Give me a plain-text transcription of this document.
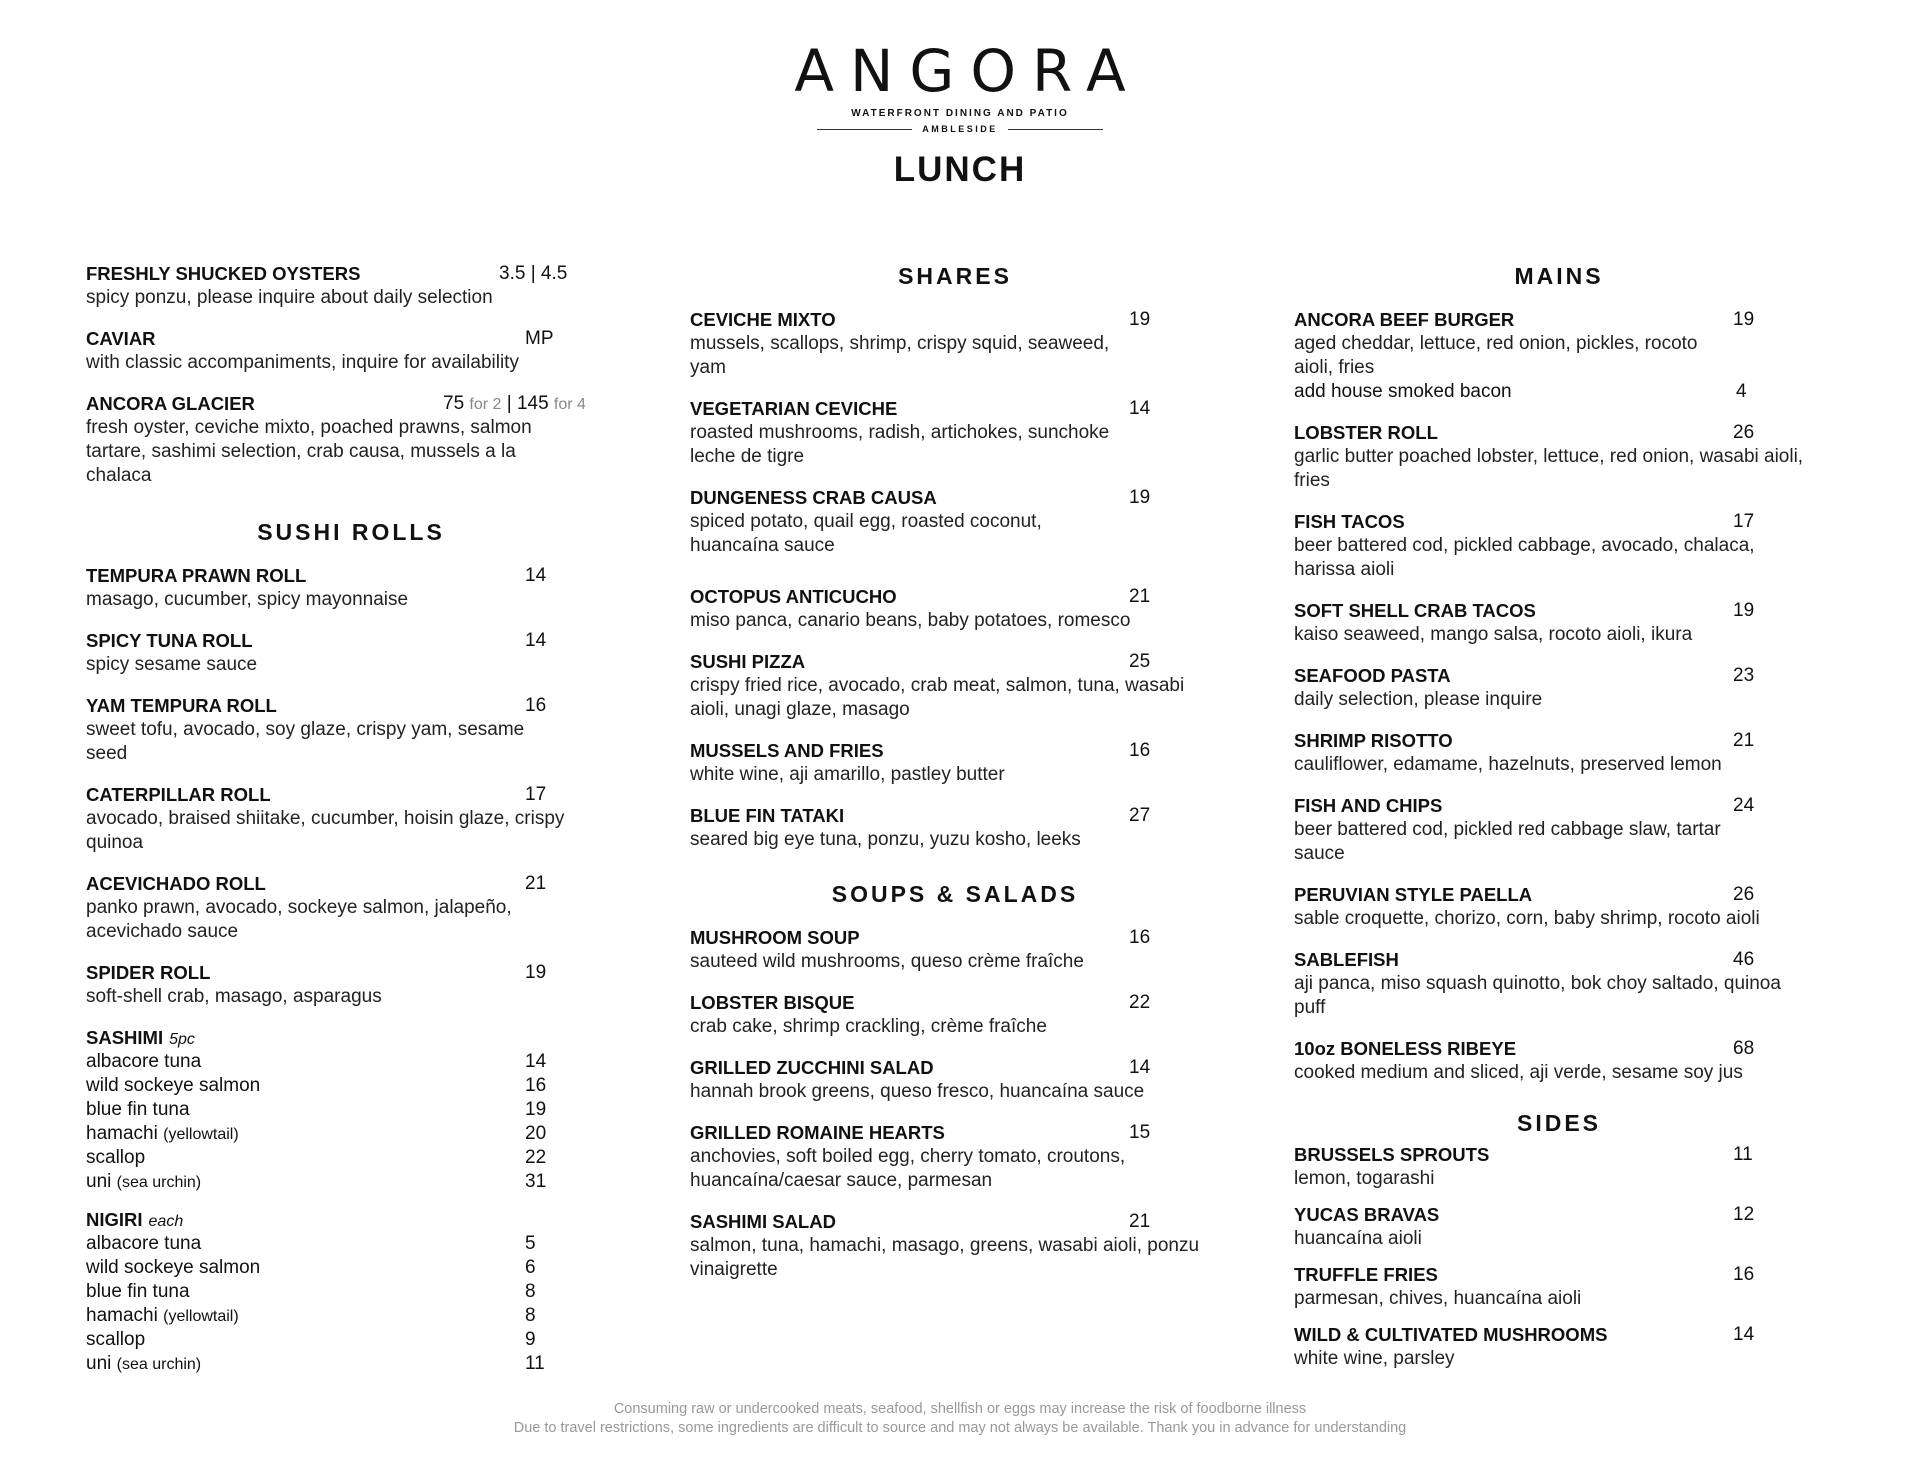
ANGORA
WATERFRONT DINING AND PATIO
AMBLESIDE
LUNCH
FRESHLY SHUCKED OYSTERS	3.5 | 4.5
spicy ponzu, please inquire about daily selection
CAVIAR	MP
with classic accompaniments, inquire for availability
ANCORA GLACIER	75 for 2 | 145 for 4
fresh oyster, ceviche mixto, poached prawns, salmon tartare, sashimi selection, crab causa, mussels a la chalaca
SUSHI ROLLS
TEMPURA PRAWN ROLL	14
masago, cucumber, spicy mayonnaise
SPICY TUNA ROLL	14
spicy sesame sauce
YAM TEMPURA ROLL	16
sweet tofu, avocado, soy glaze, crispy yam, sesame seed
CATERPILLAR ROLL	17
avocado, braised shiitake, cucumber, hoisin glaze, crispy quinoa
ACEVICHADO ROLL	21
panko prawn, avocado, sockeye salmon, jalapeño, acevichado sauce
SPIDER ROLL	19
soft-shell crab, masago, asparagus
SASHIMI 5pc
albacore tuna	14
wild sockeye salmon	16
blue fin tuna	19
hamachi (yellowtail)	20
scallop	22
uni (sea urchin)	31
NIGIRI each
albacore tuna	5
wild sockeye salmon	6
blue fin tuna	8
hamachi (yellowtail)	8
scallop	9
uni (sea urchin)	11
SHARES
CEVICHE MIXTO	19
mussels, scallops, shrimp, crispy squid, seaweed, yam
VEGETARIAN CEVICHE	14
roasted mushrooms, radish, artichokes, sunchoke leche de tigre
DUNGENESS CRAB CAUSA	19
spiced potato, quail egg, roasted coconut, huancaína sauce
OCTOPUS ANTICUCHO	21
miso panca, canario beans, baby potatoes, romesco
SUSHI PIZZA	25
crispy fried rice, avocado, crab meat, salmon, tuna, wasabi aioli, unagi glaze, masago
MUSSELS AND FRIES	16
white wine, aji amarillo, pastley butter
BLUE FIN TATAKI	27
seared big eye tuna, ponzu, yuzu kosho, leeks
SOUPS & SALADS
MUSHROOM SOUP	16
sauteed wild mushrooms, queso crème fraîche
LOBSTER BISQUE	22
crab cake, shrimp crackling, crème fraîche
GRILLED ZUCCHINI SALAD	14
hannah brook greens, queso fresco, huancaína sauce
GRILLED ROMAINE HEARTS	15
anchovies, soft boiled egg, cherry tomato, croutons, huancaína/caesar sauce, parmesan
SASHIMI SALAD	21
salmon, tuna, hamachi, masago, greens, wasabi aioli, ponzu vinaigrette
MAINS
ANCORA BEEF BURGER	19
aged cheddar, lettuce, red onion, pickles, rocoto aioli, fries
add house smoked bacon	4
LOBSTER ROLL	26
garlic butter poached lobster, lettuce, red onion, wasabi aioli, fries
FISH TACOS	17
beer battered cod, pickled cabbage, avocado, chalaca, harissa aioli
SOFT SHELL CRAB TACOS	19
kaiso seaweed, mango salsa, rocoto aioli, ikura
SEAFOOD PASTA	23
daily selection, please inquire
SHRIMP RISOTTO	21
cauliflower, edamame, hazelnuts, preserved lemon
FISH AND CHIPS	24
beer battered cod, pickled red cabbage slaw, tartar sauce
PERUVIAN STYLE PAELLA	26
sable croquette, chorizo, corn, baby shrimp, rocoto aioli
SABLEFISH	46
aji panca, miso squash quinotto, bok choy saltado, quinoa puff
10oz BONELESS RIBEYE	68
cooked medium and sliced, aji verde, sesame soy jus
SIDES
BRUSSELS SPROUTS	11
lemon, togarashi
YUCAS BRAVAS	12
huancaína aioli
TRUFFLE FRIES	16
parmesan, chives, huancaína aioli
WILD & CULTIVATED MUSHROOMS	14
white wine, parsley
Consuming raw or undercooked meats, seafood, shellfish or eggs may increase the risk of foodborne illness
Due to travel restrictions, some ingredients are difficult to source and may not always be available. Thank you in advance for understanding
